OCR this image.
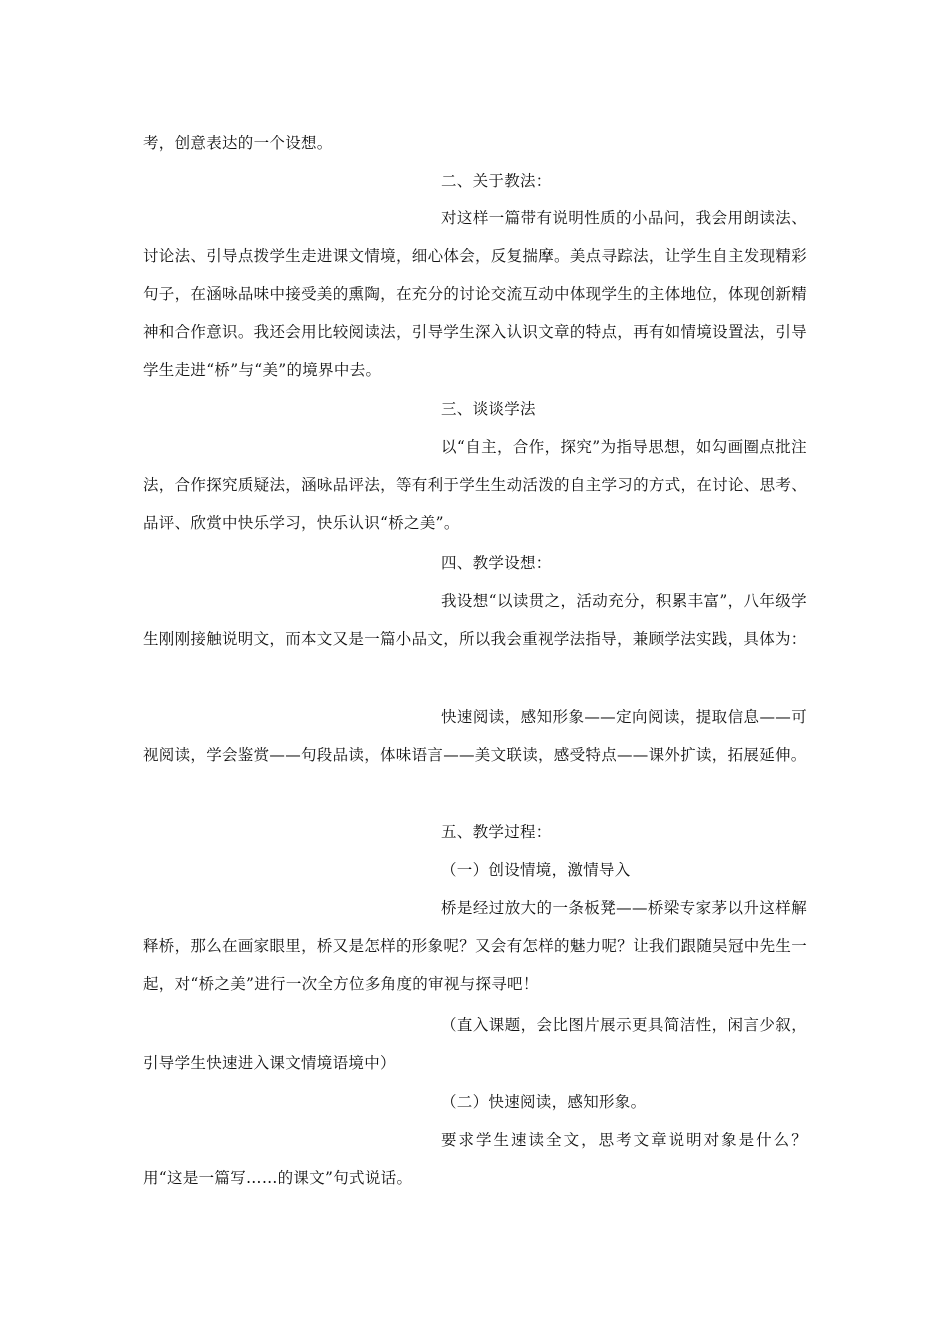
考，创意表达的一个设想。

二、关于教法：

对这样一篇带有说明性质的小品问，我会用朗读法、讨论法、引导点拨学生走进课文情境，细心体会，反复揣摩。美点寻踪法，让学生自主发现精彩句子，在涵咏品味中接受美的熏陶，在充分的讨论交流互动中体现学生的主体地位，体现创新精神和合作意识。我还会用比较阅读法，引导学生深入认识文章的特点，再有如情境设置法，引导学生走进“桥”与“美”的境界中去。

三、谈谈学法

以“自主，合作，探究”为指导思想，如勾画圈点批注法，合作探究质疑法，涵咏品评法，等有利于学生生动活泼的自主学习的方式，在讨论、思考、品评、欣赏中快乐学习，快乐认识“桥之美”。

四、教学设想：

我设想“以读贯之，活动充分，积累丰富”，八年级学生刚刚接触说明文，而本文又是一篇小品文，所以我会重视学法指导，兼顾学法实践，具体为：

快速阅读，感知形象——定向阅读，提取信息——可视阅读，学会鉴赏——句段品读，体味语言——美文联读，感受特点——课外扩读，拓展延伸。

五、教学过程：

（一）创设情境，激情导入

桥是经过放大的一条板凳——桥梁专家茅以升这样解释桥，那么在画家眼里，桥又是怎样的形象呢？又会有怎样的魅力呢？让我们跟随吴冠中先生一起，对“桥之美”进行一次全方位多角度的审视与探寻吧！

（直入课题，会比图片展示更具简洁性，闲言少叙，引导学生快速进入课文情境语境中）

（二）快速阅读，感知形象。

要求学生速读全文，思考文章说明对象是什么？用“这是一篇写……的课文”句式说话。
